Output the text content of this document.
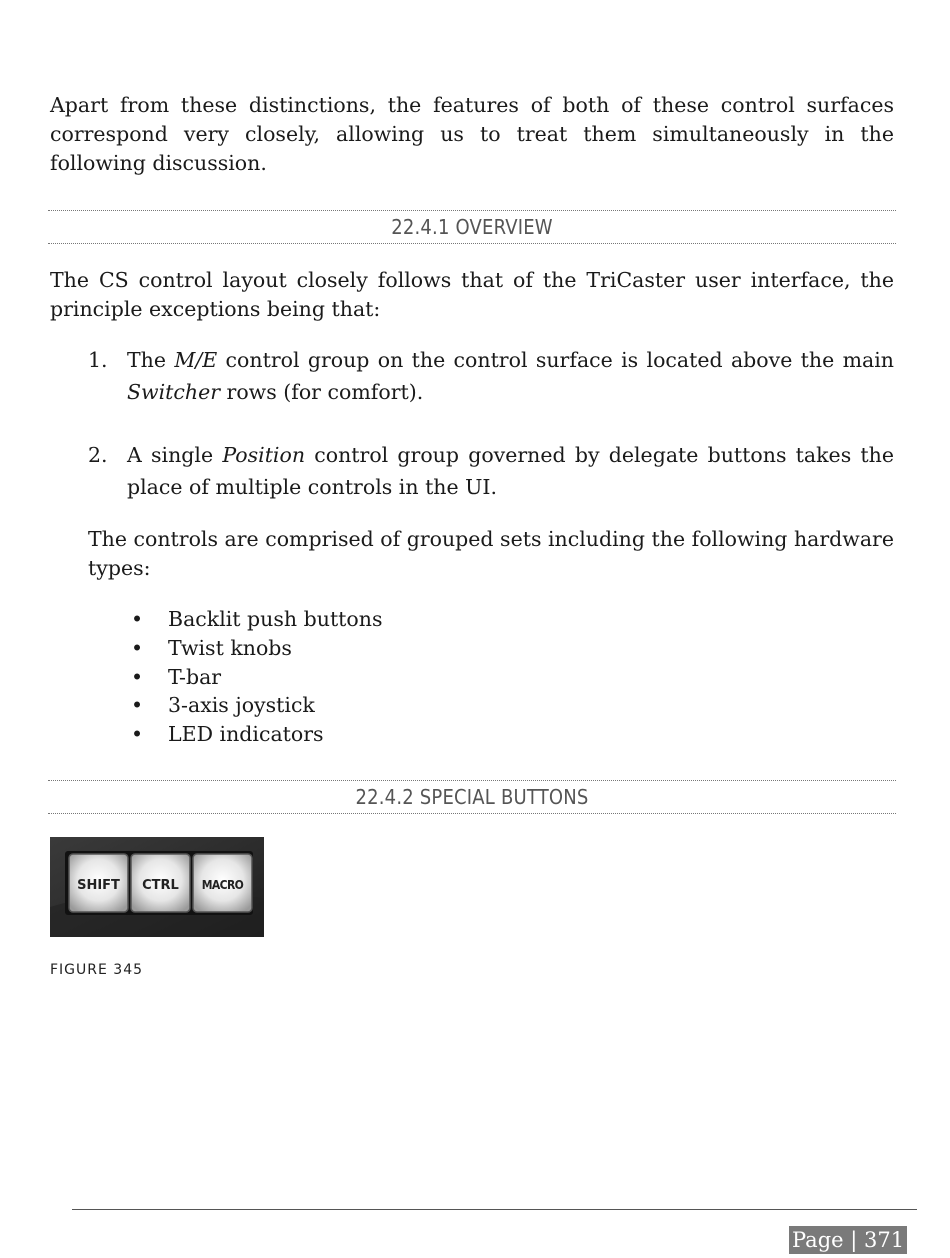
Apart from these distinctions, the features of both of these control surfaces correspond very closely, allowing us to treat them simultaneously in the following discussion.

22.4.1 OVERVIEW

The CS control layout closely follows that of the TriCaster user interface, the principle exceptions being that:

1. The M/E control group on the control surface is located above the main Switcher rows (for comfort).
2. A single Position control group governed by delegate buttons takes the place of multiple controls in the UI.

The controls are comprised of grouped sets including the following hardware types:

• Backlit push buttons
• Twist knobs
• T-bar
• 3-axis joystick
• LED indicators
22.4.2 SPECIAL BUTTONS
SHIFT CTRL MACRO
FIGURE 345
Page | 371
